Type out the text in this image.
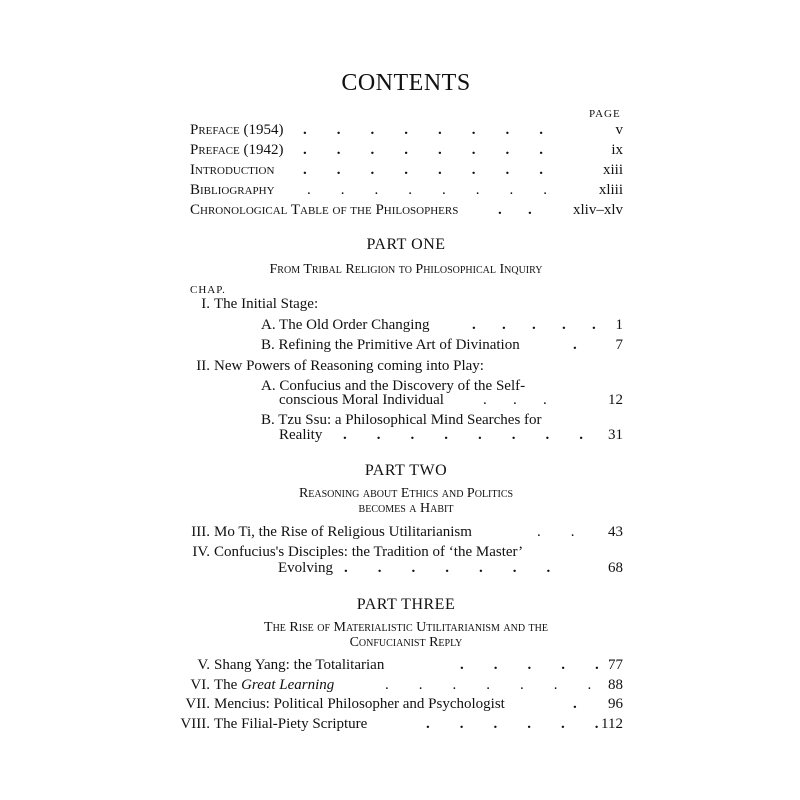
CONTENTS
PAGE
Preface (1954) .        .        .        .        .        .        .        .	v
Preface (1942) .        .        .        .        .        .        .        .	ix
Introduction .        .        .        .        .        .        .        .	xiii
Bibliography .        .        .        .        .        .        .        .	xliii
Chronological Table of the Philosophers	.       .	xliv–xlv
PART ONE
From Tribal Religion to Philosophical Inquiry
CHAP.
I. The Initial Stage:
A. The Old Order Changing	.       .       .       .       . 1
B. Refining the Primitive Art of Divination	.	7
II. New Powers of Reasoning coming into Play:
A. Confucius and the Discovery of the Self-
conscious Moral Individual	.       .       .	12
B. Tzu Ssu: a Philosophical Mind Searches for
Reality .        .        .        .        .        .        .        . 31
PART TWO
Reasoning about Ethics and Politics
becomes a Habit
III. Mo Ti, the Rise of Religious Utilitarianism	.        . 43
IV. Confucius's Disciples: the Tradition of ‘the Master’
Evolving .        .        .        .        .        .        .	68
PART THREE
The Rise of Materialistic Utilitarianism and the
Confucianist Reply
V. Shang Yang: the Totalitarian	.        .        .        .        . 77
VI. The Great Learning	.        .        .        .        .        .        . 88
VII. Mencius: Political Philosopher and Psychologist	. 96
VIII. The Filial-Piety Scripture	.        .        .        .        .        . 112
